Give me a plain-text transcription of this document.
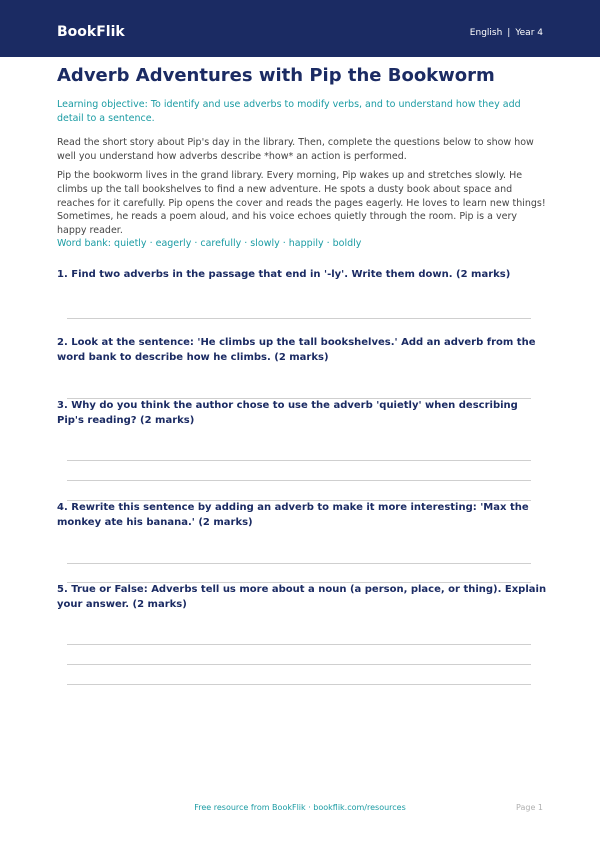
BookFlik	English | Year 4
Adverb Adventures with Pip the Bookworm
Learning objective: To identify and use adverbs to modify verbs, and to understand how they add detail to a sentence.
Read the short story about Pip's day in the library. Then, complete the questions below to show how well you understand how adverbs describe *how* an action is performed.
Pip the bookworm lives in the grand library. Every morning, Pip wakes up and stretches slowly. He climbs up the tall bookshelves to find a new adventure. He spots a dusty book about space and reaches for it carefully. Pip opens the cover and reads the pages eagerly. He loves to learn new things! Sometimes, he reads a poem aloud, and his voice echoes quietly through the room. Pip is a very happy reader.
Word bank: quietly · eagerly · carefully · slowly · happily · boldly
1. Find two adverbs in the passage that end in '-ly'. Write them down. (2 marks)
2. Look at the sentence: 'He climbs up the tall bookshelves.' Add an adverb from the word bank to describe how he climbs. (2 marks)
3. Why do you think the author chose to use the adverb 'quietly' when describing Pip's reading? (2 marks)
4. Rewrite this sentence by adding an adverb to make it more interesting: 'Max the monkey ate his banana.' (2 marks)
5. True or False: Adverbs tell us more about a noun (a person, place, or thing). Explain your answer. (2 marks)
Free resource from BookFlik · bookflik.com/resources	Page 1
